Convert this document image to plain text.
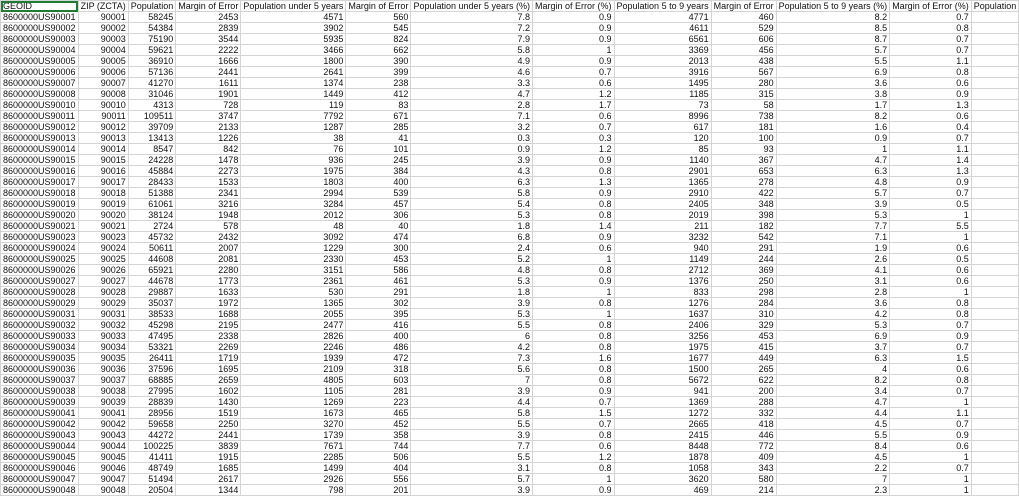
GEOID	ZIP (ZCTA)	Population	Margin of Error	Population under 5 years	Margin of Error	Population under 5 years (%)	Margin of Error (%)	Population 5 to 9 years	Margin of Error	Population 5 to 9 years (%)	Margin of Error (%)	Population
8600000US90001	90001	58245	2453	4571	560	7.8	0.9	4771	460	8.2	0.7	
8600000US90002	90002	54384	2839	3902	545	7.2	0.9	4611	529	8.5	0.8	
8600000US90003	90003	75190	3544	5935	824	7.9	0.9	6561	606	8.7	0.7	
8600000US90004	90004	59621	2222	3466	662	5.8	1	3369	456	5.7	0.7	
8600000US90005	90005	36910	1666	1800	390	4.9	0.9	2013	438	5.5	1.1	
8600000US90006	90006	57136	2441	2641	399	4.6	0.7	3916	567	6.9	0.8	
8600000US90007	90007	41270	1611	1374	238	3.3	0.6	1495	280	3.6	0.6	
8600000US90008	90008	31046	1901	1449	412	4.7	1.2	1185	315	3.8	0.9	
8600000US90010	90010	4313	728	119	83	2.8	1.7	73	58	1.7	1.3	
8600000US90011	90011	109511	3747	7792	671	7.1	0.6	8996	738	8.2	0.6	
8600000US90012	90012	39709	2133	1287	285	3.2	0.7	617	181	1.6	0.4	
8600000US90013	90013	13413	1226	38	41	0.3	0.3	120	100	0.9	0.7	
8600000US90014	90014	8547	842	76	101	0.9	1.2	85	93	1	1.1	
8600000US90015	90015	24228	1478	936	245	3.9	0.9	1140	367	4.7	1.4	
8600000US90016	90016	45884	2273	1975	384	4.3	0.8	2901	653	6.3	1.3	
8600000US90017	90017	28433	1533	1803	400	6.3	1.3	1365	278	4.8	0.9	
8600000US90018	90018	51388	2341	2994	539	5.8	0.9	2910	422	5.7	0.7	
8600000US90019	90019	61061	3216	3284	457	5.4	0.8	2405	348	3.9	0.5	
8600000US90020	90020	38124	1948	2012	306	5.3	0.8	2019	398	5.3	1	
8600000US90021	90021	2724	578	48	40	1.8	1.4	211	182	7.7	5.5	
8600000US90023	90023	45732	2432	3092	474	6.8	0.9	3232	542	7.1	1	
8600000US90024	90024	50611	2007	1229	300	2.4	0.6	940	291	1.9	0.6	
8600000US90025	90025	44608	2081	2330	453	5.2	1	1149	244	2.6	0.5	
8600000US90026	90026	65921	2280	3151	586	4.8	0.8	2712	369	4.1	0.6	
8600000US90027	90027	44678	1773	2361	461	5.3	0.9	1376	250	3.1	0.6	
8600000US90028	90028	29887	1633	530	291	1.8	1	833	298	2.8	1	
8600000US90029	90029	35037	1972	1365	302	3.9	0.8	1276	284	3.6	0.8	
8600000US90031	90031	38533	1688	2055	395	5.3	1	1637	310	4.2	0.8	
8600000US90032	90032	45298	2195	2477	416	5.5	0.8	2406	329	5.3	0.7	
8600000US90033	90033	47495	2338	2826	400	6	0.8	3256	453	6.9	0.9	
8600000US90034	90034	53321	2269	2246	486	4.2	0.8	1975	415	3.7	0.7	
8600000US90035	90035	26411	1719	1939	472	7.3	1.6	1677	449	6.3	1.5	
8600000US90036	90036	37596	1695	2109	318	5.6	0.8	1500	265	4	0.6	
8600000US90037	90037	68885	2659	4805	603	7	0.8	5672	622	8.2	0.8	
8600000US90038	90038	27995	1602	1105	281	3.9	0.9	941	200	3.4	0.7	
8600000US90039	90039	28839	1430	1269	223	4.4	0.7	1369	288	4.7	1	
8600000US90041	90041	28956	1519	1673	465	5.8	1.5	1272	332	4.4	1.1	
8600000US90042	90042	59658	2250	3270	452	5.5	0.7	2665	418	4.5	0.7	
8600000US90043	90043	44272	2441	1739	358	3.9	0.8	2415	446	5.5	0.9	
8600000US90044	90044	100225	3839	7671	744	7.7	0.6	8448	772	8.4	0.6	
8600000US90045	90045	41411	1915	2285	506	5.5	1.2	1878	409	4.5	1	
8600000US90046	90046	48749	1685	1499	404	3.1	0.8	1058	343	2.2	0.7	
8600000US90047	90047	51494	2617	2926	556	5.7	1	3620	580	7	1	
8600000US90048	90048	20504	1344	798	201	3.9	0.9	469	214	2.3	1	
